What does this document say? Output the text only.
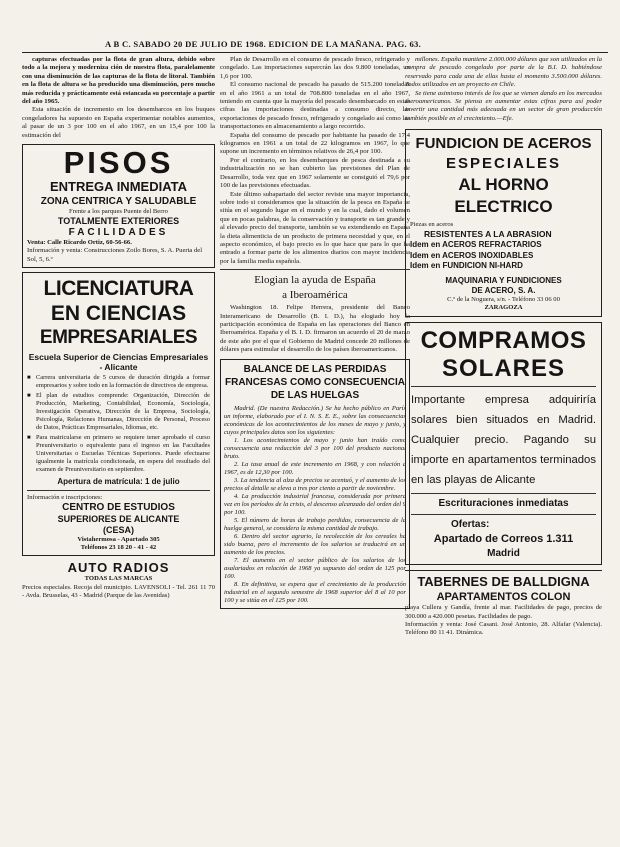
A B C. SABADO 20 DE JULIO DE 1968. EDICION DE LA MAÑANA. PAG. 63.

capturas efectuadas por la flota de gran altura, debido sobre todo a la mejora y moderniza ción de nuestra flota, paralelamente con una disminución de las capturas de la flota de litoral. También en la flota de altura se ha producido una disminución, pero mucho más reducida y prácticamente está estancada su porcentaje a partir del año 1965.

Esta situación de incremento en los desembarcos en los buques congeladores ha supuesto en España experimentar notables aumentos, al pasar de un 3 por 100 en el año 1967, en un 15,4 por 100 la estimación del

PISOS
ENTREGA INMEDIATA
ZONA CENTRICA Y SALUDABLE
Frente a los parques Puente del Berro
TOTALMENTE EXTERIORES
FACILIDADES
Venta: Calle Ricardo Ortiz, 60-56-66.
Información y venta: Construcciones Zoilo Bores, S. A. Puerta del Sol, 5, 6.º
LICENCIATURA
EN CIENCIAS
EMPRESARIALES
Escuela Superior de Ciencias Empresariales - Alicante
■ Carrera universitaria de 5 cursos de duración dirigida a formar empresarios y sobre todo en la formación de directivos de empresa.
■ El plan de estudios comprende: Organización, Dirección de Producción, Marketing, Contabilidad, Economía, Sociología, Investigación Operativa, Dirección de la Empresa, Sociología, Psicología, Relaciones Humanas, Dirección de Personal, Proceso de Datos, Prácticas Empresariales, Idiomas, etc.
■ Para matricularse en primero se requiere tener aprobado el curso Preuniversitario o equivalente para el ingreso en las Facultades Universitarias o Escuelas Técnicas Superiores. Puede efectuarse igualmente la matrícula condicionada, en espera del resultado del examen de Preuniversitario en septiembre.
Apertura de matrícula: 1 de julio
Información e inscripciones:
CENTRO DE ESTUDIOS
SUPERIORES DE ALICANTE
(CESA)
Vistahermosa - Apartado 305
Teléfonos 23 18 20 - 41 - 42
AUTO RADIOS
TODAS LAS MARCAS
Precios especiales. Recoja del municipio. LAVENSOLI - Tel. 261 11 70 - Avda. Brusselas, 43 - Madrid (Parque de las Avenidas)

Plan de Desarrollo en el consumo de pescado fresco, refrigerado y congelado. Las importaciones supercrán las dos 9.800 toneladas, un 1,6 por 100.

El consumo nacional de pescado ha pasado de 515.200 toneladas en el año 1961 a un total de 708.800 toneladas en el año 1967, teniendo en cuenta que la mayoría del pescado desembarcado en estas cifras las importaciones destinadas a consumo directo, las exportaciones de pescado fresco, refrigerado y congelado así como las transportaciones en almacenamiento a largo recorrido.

España del consumo de pescado por habitante ha pasado de 17,4 kilogramos en 1961 a un total de 22 kilogramos en 1967, lo que supone un incremento en términos relativos de 26,4 por 100.

Por el contrario, en los desembarques de pesca destinada a su industrialización no se han cubierto las previsiones del Plan de Desarrollo, toda vez que en 1967 solamente se consiguió el 79,6 por 100 de las previsiones efectuadas.

Este último subapartado del sector reviste una mayor importancia, sobre todo si consideramos que la situación de la pesca en España se sitúa en el segundo lugar en el mundo y en la cual, dado el volumen que en pocas palabras, de la conservación y transporte es tan grande y al elevado precio del transporte, también se va extendiendo en España la dieta alimenticia de un producto de primera necesidad y que, en el aspecto económico, el bajo precio es lo que hace que para lo que ha entrado a formar parte de los alimentos diarios con mayor incidencia por la familia media española.

Elogian la ayuda de España
a Iberoamérica

Washington 18. Felipe Herrera, presidente del Banco Interamericano de Desarrollo (B. I. D.), ha elogiado hoy la participación económica de España en las operaciones del Banco en Iberoamérica. España y el B. I. D. firmaron un acuerdo el 20 de marzo de este año por el que el Gobierno de Madrid concede 20 millones de dólares para estimular el desarrollo de los países iberoamericanos.

BALANCE DE LAS PERDIDAS FRANCESAS COMO CONSECUENCIA DE LAS HUELGAS

Madrid. (De nuestra Redacción.) Se ha hecho público en París un informe, elaborado por el I. N. S. E. E., sobre las consecuencias económicas de los acontecimientos de los meses de mayo y junio, y cuyos principales datos son los siguientes:

1. Los acontecimientos de mayo y junio han traído como consecuencia una reducción del 3 por 100 del producto nacional bruto.

2. La tasa anual de este incremento en 1968, y con relación a 1967, es de 12,30 por 100.

3. La tendencia al alza de precios se acentuó, y el aumento de los precios al detalle se eleva a tres por ciento a partir de noviembre.

4. La producción industrial francesa, considerada por primera vez en los períodos de la crisis, el descenso alcanzado del orden del 9 por 100.

5. El número de horas de trabajo perdidas, consecuencia de la huelga general, se considera la misma cantidad de trabajo.

6. Dentro del sector agrario, la recolección de los cereales ha sido buena, pero el incremento de los salarios se traducirá en un aumento de los precios.

7. El aumento en el sector público de los salarios de los asalariados en relación de 1968 ya supuesto del orden de 125 por 100.

8. En definitiva, se espera que el crecimiento de la producción industrial en el segundo semestre de 1968 superior del 8 al 10 por 100 y se sitúa en el 125 por 100.

millones. España mantiene 2.000.000 dólares que son utilizados en la compra de pescado congelado por parte de la B.I. D. habiéndose reservado para cada una de ellas hasta el momento 3.500.000 dólares. Todos utilizados en un proyecto en Chile.

Se tiene asimismo interés de los que se vienen dando en los mercados iberoamericanos. Se piensa en aumentar estas cifras para así poder invertir una cantidad más adecuada en un sector de gran producción también posible en el crecimiento.—Efe.

FUNDICION DE ACEROS
ESPECIALES
AL HORNO ELECTRICO
Piezas en aceros
RESISTENTES A LA ABRASION
Idem en ACEROS REFRACTARIOS
Idem en ACEROS INOXIDABLES
Idem en FUNDICION NI-HARD
MAQUINARIA Y FUNDICIONES
DE ACERO, S. A.
C.º de la Noguera, s/n. - Teléfono 33 06 00
ZARAGOZA
COMPRAMOS
SOLARES
Importante empresa adquiriría solares bien situados en Madrid. Cualquier precio. Pagando su importe en apartamentos terminados en las playas de Alicante
Escrituraciones inmediatas
Ofertas:
Apartado de Correos 1.311
Madrid
TABERNES DE BALLDIGNA
APARTAMENTOS COLON
playa Cullera y Gandía, frente al mar. Facilidades de pago, precios de 300.000 a 420.000 pesetas. Facilidades de pago.
Información y venta: José Casani. José Antonio, 28. Alfafar (Valencia). Teléfono 80 11 41. Dinámica.
